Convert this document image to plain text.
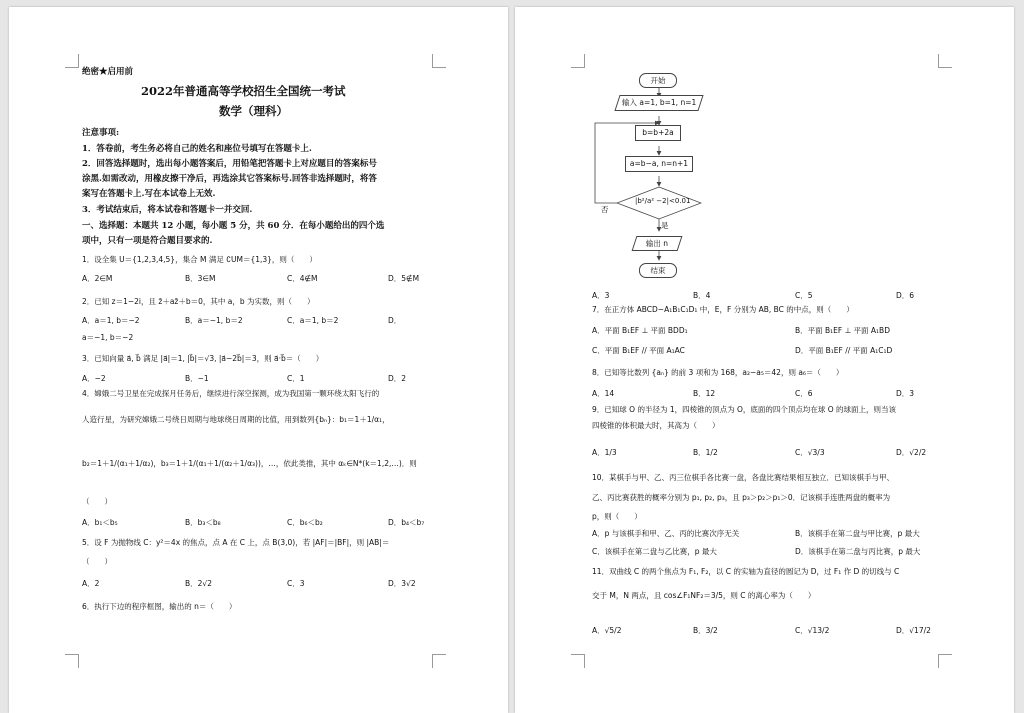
绝密★启用前
2022年普通高等学校招生全国统一考试
数学（理科）
注意事项:
1．答卷前，考生务必将自己的姓名和座位号填写在答题卡上.
2．回答选择题时，选出每小题答案后，用铅笔把答题卡上对应题目的答案标号
涂黑.如需改动，用橡皮擦干净后，再选涂其它答案标号.回答非选择题时，将答
案写在答题卡上.写在本试卷上无效.
3．考试结束后，将本试卷和答题卡一并交回.
一、选择题：本题共 12 小题，每小题 5 分，共 60 分．在每小题给出的四个选
项中，只有一项是符合题目要求的.
1．设全集 U＝{1,2,3,4,5}，集合 M 满足 ∁UM＝{1,3}，则（　　）
A．2∈M	B．3∈M	C．4∉M	D．5∉M
2．已知 z＝1−2i，且 z̄＋az̄＋b＝0，其中 a，b 为实数，则（　　）
A．a＝1, b＝−2	B．a＝−1, b＝2	C．a＝1, b＝2	D．
a＝−1, b＝−2
3．已知向量 a⃗, b⃗ 满足 |a⃗|＝1, |b⃗|＝√3, |a⃗−2b⃗|＝3，则 a⃗·b⃗＝（　　）
A．−2	B．−1	C．1	D．2
4．嫦娥二号卫星在完成探月任务后，继续进行深空探测，成为我国第一颗环绕太阳飞行的
人造行星，为研究嫦娥二号绕日周期与地球绕日周期的比值，用到数列{bₙ}：b₁＝1＋1/α₁，
b₂＝1＋1/(α₁＋1/α₂)，b₃＝1＋1/(α₁＋1/(α₂＋1/α₃))，…，依此类推，其中 αₖ∈N*(k＝1,2,…)．则
（　　）
A．b₁＜b₅	B．b₃＜b₈	C．b₆＜b₂	D．b₄＜b₇
5．设 F 为抛物线 C：y²＝4x 的焦点，点 A 在 C 上，点 B(3,0)，若 |AF|＝|BF|，则 |AB|＝
（　　）
A．2	B．2√2	C．3	D．3√2
6．执行下边的程序框图，输出的 n＝（　　）
开始
输入 a=1, b=1, n=1
b=b+2a
a=b−a, n=n+1
|b²/a² −2|<0.01
否
是
输出 n
结束
A．3	B．4	C．5	D．6
7．在正方体 ABCD−A₁B₁C₁D₁ 中，E，F 分别为 AB, BC 的中点，则（　　）
A．平面 B₁EF ⊥ 平面 BDD₁	B．平面 B₁EF ⊥ 平面 A₁BD
C．平面 B₁EF // 平面 A₁AC	D．平面 B₁EF // 平面 A₁C₁D
8．已知等比数列 {aₙ} 的前 3 项和为 168，a₂−a₅＝42，则 a₆＝（　　）
A．14	B．12	C．6	D．3
9．已知球 O 的半径为 1，四棱锥的顶点为 O，底面的四个顶点均在球 O 的球面上，则当该
四棱锥的体积最大时，其高为（　　）
A．1/3	B．1/2	C．√3/3	D．√2/2
10．某棋手与甲、乙、丙三位棋手各比赛一盘，各盘比赛结果相互独立．已知该棋手与甲、
乙、丙比赛获胜的概率分别为 p₁, p₂, p₃，且 p₃＞p₂＞p₁＞0．记该棋手连胜两盘的概率为
p，则（　　）
A．p 与该棋手和甲、乙、丙的比赛次序无关	B．该棋手在第二盘与甲比赛，p 最大
C．该棋手在第二盘与乙比赛，p 最大	D．该棋手在第二盘与丙比赛，p 最大
11．双曲线 C 的两个焦点为 F₁, F₂，以 C 的实轴为直径的圆记为 D，过 F₁ 作 D 的切线与 C
交于 M，N 两点，且 cos∠F₁NF₂＝3/5，则 C 的离心率为（　　）
A．√5/2	B．3/2	C．√13/2	D．√17/2
